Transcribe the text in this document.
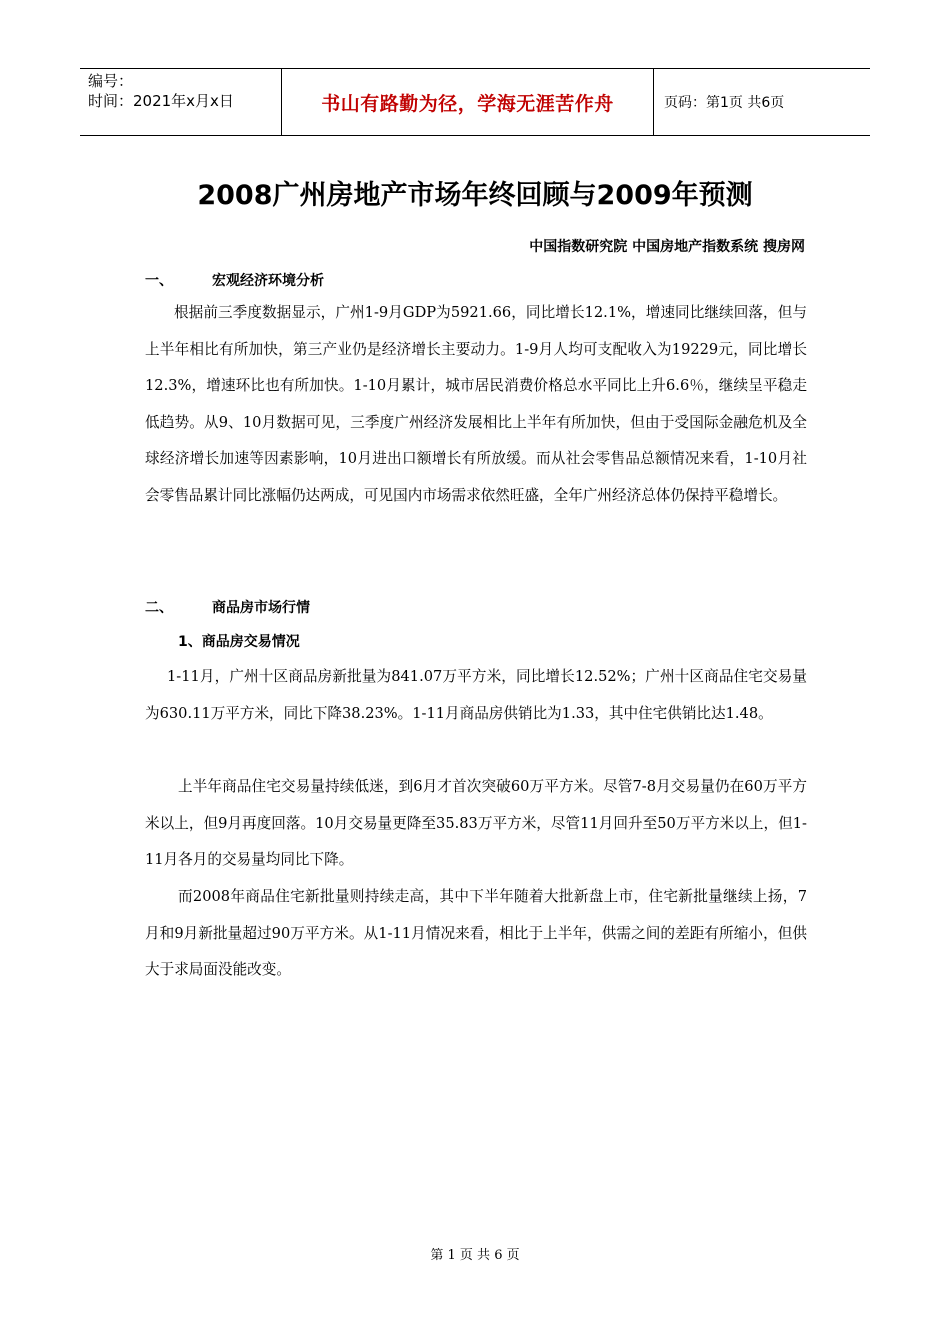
编号：
时间：2021年x月x日	书山有路勤为径，学海无涯苦作舟	页码：第1页 共6页
2008广州房地产市场年终回顾与2009年预测
中国指数研究院 中国房地产指数系统 搜房网
一、	宏观经济环境分析
根据前三季度数据显示，广州1-9月GDP为5921.66，同比增长12.1%，增速同比继续回落，但与上半年相比有所加快，第三产业仍是经济增长主要动力。1-9月人均可支配收入为19229元，同比增长12.3%，增速环比也有所加快。1-10月累计，城市居民消费价格总水平同比上升6.6％，继续呈平稳走低趋势。从9、10月数据可见，三季度广州经济发展相比上半年有所加快，但由于受国际金融危机及全球经济增长加速等因素影响，10月进出口额增长有所放缓。而从社会零售品总额情况来看，1-10月社会零售品累计同比涨幅仍达两成，可见国内市场需求依然旺盛，全年广州经济总体仍保持平稳增长。
二、	商品房市场行情
1、商品房交易情况
1-11月，广州十区商品房新批量为841.07万平方米，同比增长12.52%；广州十区商品住宅交易量为630.11万平方米，同比下降38.23%。1-11月商品房供销比为1.33，其中住宅供销比达1.48。
上半年商品住宅交易量持续低迷，到6月才首次突破60万平方米。尽管7-8月交易量仍在60万平方米以上，但9月再度回落。10月交易量更降至35.83万平方米，尽管11月回升至50万平方米以上，但1-11月各月的交易量均同比下降。
而2008年商品住宅新批量则持续走高，其中下半年随着大批新盘上市，住宅新批量继续上扬，7月和9月新批量超过90万平方米。从1-11月情况来看，相比于上半年，供需之间的差距有所缩小，但供大于求局面没能改变。
第 1 页 共 6 页
